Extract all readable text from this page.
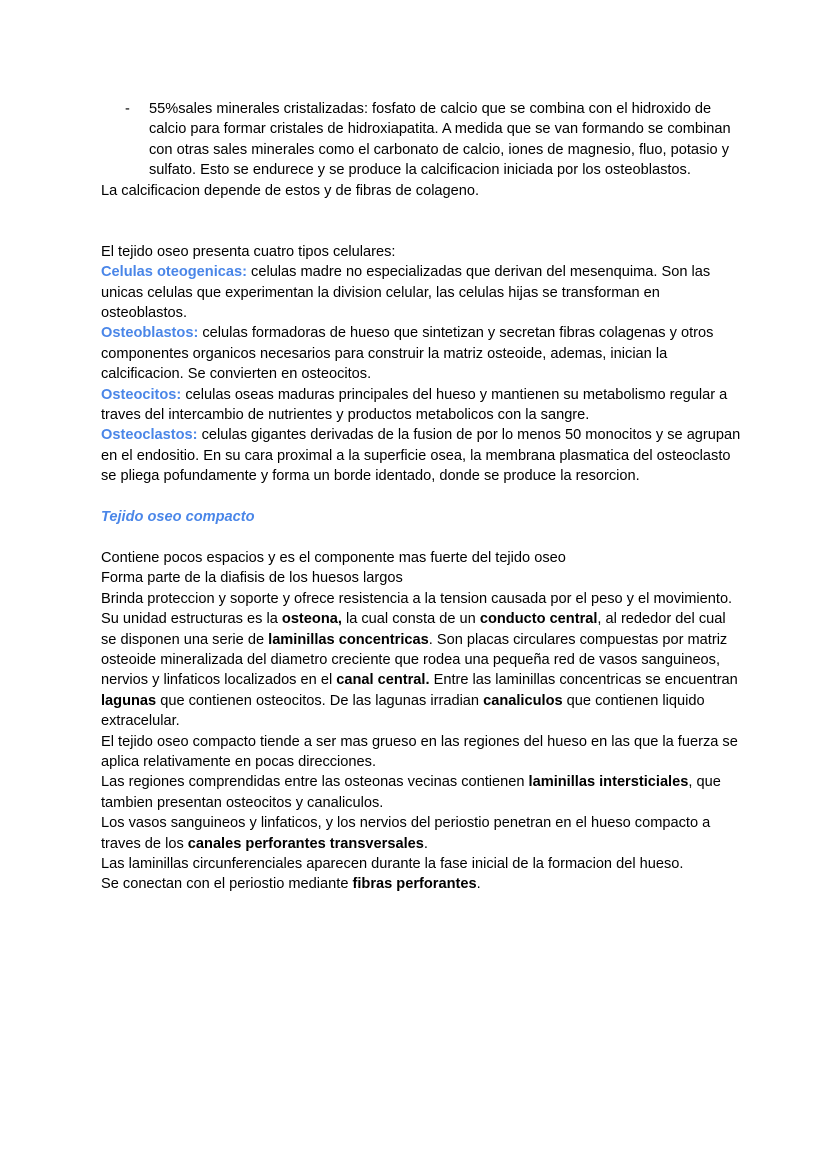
- 55%sales minerales cristalizadas: fosfato de calcio que se combina con el hidroxido de calcio para formar cristales de hidroxiapatita. A medida que se van formando se combinan con otras sales minerales como el carbonato de calcio, iones de magnesio, fluo, potasio y sulfato. Esto se endurece y se produce la calcificacion iniciada por los osteoblastos.

La calcificacion depende de estos y de fibras de colageno.

El tejido oseo presenta cuatro tipos celulares:

Celulas oteogenicas: celulas madre no especializadas que derivan del mesenquima. Son las unicas celulas que experimentan la division celular, las celulas hijas se transforman en osteoblastos.

Osteoblastos: celulas formadoras de hueso que sintetizan y secretan fibras colagenas y otros componentes organicos necesarios para construir la matriz osteoide, ademas, inician la calcificacion. Se convierten en osteocitos.

Osteocitos: celulas oseas maduras principales del hueso y mantienen su metabolismo regular a traves del intercambio de nutrientes y productos metabolicos con la sangre.

Osteoclastos: celulas gigantes derivadas de la fusion de por lo menos 50 monocitos y se agrupan en el endositio. En su cara proximal a la superficie osea, la membrana plasmatica del osteoclasto se pliega pofundamente y forma un borde identado, donde se produce la resorcion.

Tejido oseo compacto

Contiene pocos espacios y es el componente mas fuerte del tejido oseo

Forma parte de la diafisis de los huesos largos

Brinda proteccion y soporte y ofrece resistencia a la tension causada por el peso y el movimiento.

Su unidad estructuras es la osteona, la cual consta de un conducto central, al rededor del cual se disponen una serie de laminillas concentricas. Son placas circulares compuestas por matriz osteoide mineralizada del diametro creciente que rodea una pequeña red de vasos sanguineos, nervios y linfaticos localizados en el canal central. Entre las laminillas concentricas se encuentran lagunas que contienen osteocitos. De las lagunas irradian canaliculos que contienen liquido extracelular.

El tejido oseo compacto tiende a ser mas grueso en las regiones del hueso en las que la fuerza se aplica relativamente en pocas direcciones.

Las regiones comprendidas entre las osteonas vecinas contienen laminillas intersticiales, que tambien presentan osteocitos y canaliculos.

Los vasos sanguineos y linfaticos, y los nervios del periostio penetran en el hueso compacto a traves de los canales perforantes transversales.

Las laminillas circunferenciales aparecen durante la fase inicial de la formacion del hueso.

Se conectan con el periostio mediante fibras perforantes.
